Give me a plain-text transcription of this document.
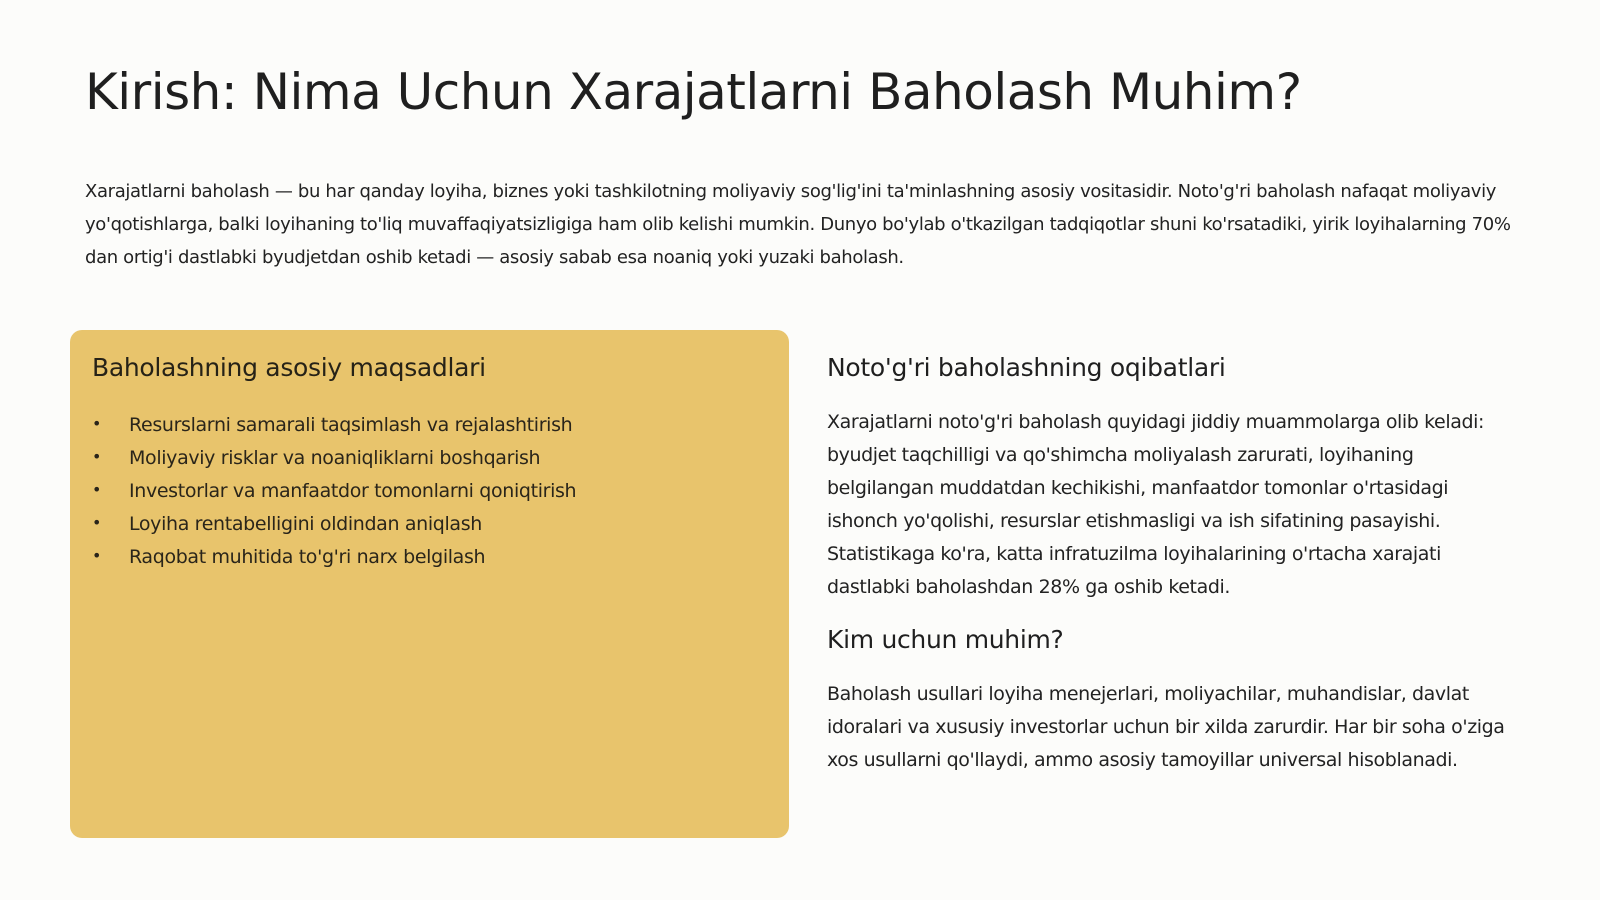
Kirish: Nima Uchun Xarajatlarni Baholash Muhim?

Xarajatlarni baholash — bu har qanday loyiha, biznes yoki tashkilotning moliyaviy sog'lig'ini ta'minlashning asosiy vositasidir. Noto'g'ri baholash nafaqat moliyaviy yo'qotishlarga, balki loyihaning to'liq muvaffaqiyatsizligiga ham olib kelishi mumkin. Dunyo bo'ylab o'tkazilgan tadqiqotlar shuni ko'rsatadiki, yirik loyihalarning 70% dan ortig'i dastlabki byudjetdan oshib ketadi — asosiy sabab esa noaniq yoki yuzaki baholash.

Baholashning asosiy maqsadlari
• Resurslarni samarali taqsimlash va rejalashtirish
• Moliyaviy risklar va noaniqliklarni boshqarish
• Investorlar va manfaatdor tomonlarni qoniqtirish
• Loyiha rentabelligini oldindan aniqlash
• Raqobat muhitida to'g'ri narx belgilash
Noto'g'ri baholashning oqibatlari

Xarajatlarni noto'g'ri baholash quyidagi jiddiy muammolarga olib keladi: byudjet taqchilligi va qo'shimcha moliyalash zarurati, loyihaning belgilangan muddatdan kechikishi, manfaatdor tomonlar o'rtasidagi ishonch yo'qolishi, resurslar etishmasligi va ish sifatining pasayishi. Statistikaga ko'ra, katta infratuzilma loyihalarining o'rtacha xarajati dastlabki baholashdan 28% ga oshib ketadi.

Kim uchun muhim?

Baholash usullari loyiha menejerlari, moliyachilar, muhandislar, davlat idoralari va xususiy investorlar uchun bir xilda zarurdir. Har bir soha o'ziga xos usullarni qo'llaydi, ammo asosiy tamoyillar universal hisoblanadi.
